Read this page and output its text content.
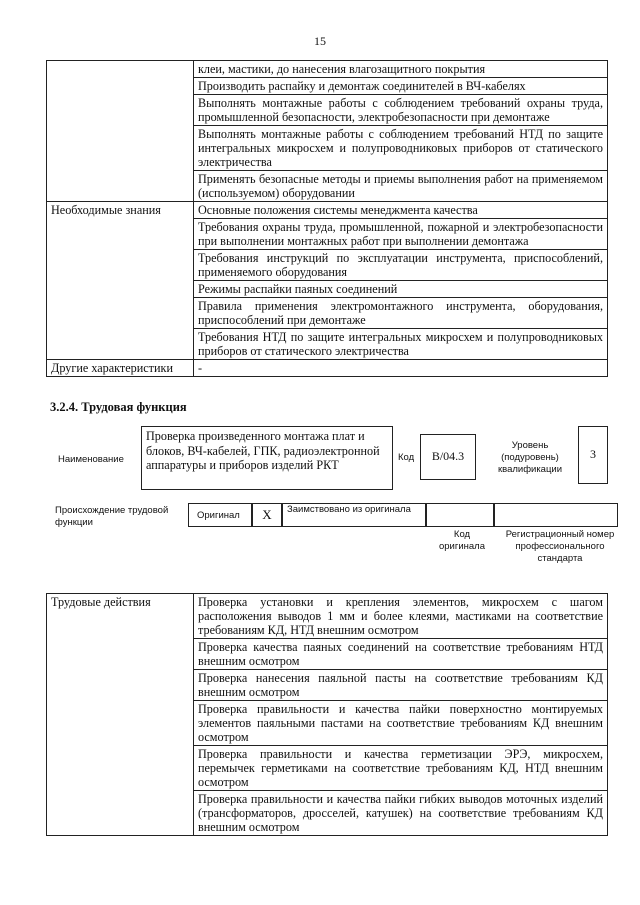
15
	клеи, мастики, до нанесения влагозащитного покрытия
	Производить распайку и демонтаж соединителей в ВЧ-кабелях
	Выполнять монтажные работы с соблюдением требований охраны труда, промышленной безопасности, электробезопасности при демонтаже
	Выполнять монтажные работы с соблюдением требований НТД по защите интегральных микросхем и полупроводниковых приборов от статического электричества
	Применять безопасные методы и приемы выполнения работ на применяемом (используемом) оборудовании
Необходимые знания	Основные положения системы менеджмента качества
	Требования охраны труда, промышленной, пожарной и электробезопасности при выполнении монтажных работ при выполнении демонтажа
	Требования инструкций по эксплуатации инструмента, приспособлений, применяемого оборудования
	Режимы распайки паяных соединений
	Правила применения электромонтажного инструмента, оборудования, приспособлений при демонтаже
	Требования НТД по защите интегральных микросхем и полупроводниковых приборов от статического электричества
Другие характеристики	-
3.2.4. Трудовая функция
Наименование
Проверка произведенного монтажа плат и блоков, ВЧ-кабелей, ГПК, радиоэлектронной аппаратуры и приборов изделий РКТ
Код	B/04.3
Уровень (подуровень) квалификации
3
Происхождение трудовой функции
Оригинал	X	Заимствовано из оригинала
Код оригинала
Регистрационный номер профессионального стандарта
Трудовые действия	Проверка установки и крепления элементов, микросхем с шагом расположения выводов 1 мм и более клеями, мастиками на соответствие требованиям КД, НТД внешним осмотром
Проверка качества паяных соединений на соответствие требованиям НТД внешним осмотром
Проверка нанесения паяльной пасты на соответствие требованиям КД внешним осмотром
Проверка правильности и качества пайки поверхностно монтируемых элементов паяльными пастами на соответствие требованиям КД внешним осмотром
Проверка правильности и качества герметизации ЭРЭ, микросхем, перемычек герметиками на соответствие требованиям КД, НТД внешним осмотром
Проверка правильности и качества пайки гибких выводов моточных изделий (трансформаторов, дросселей, катушек) на соответствие требованиям КД внешним осмотром
